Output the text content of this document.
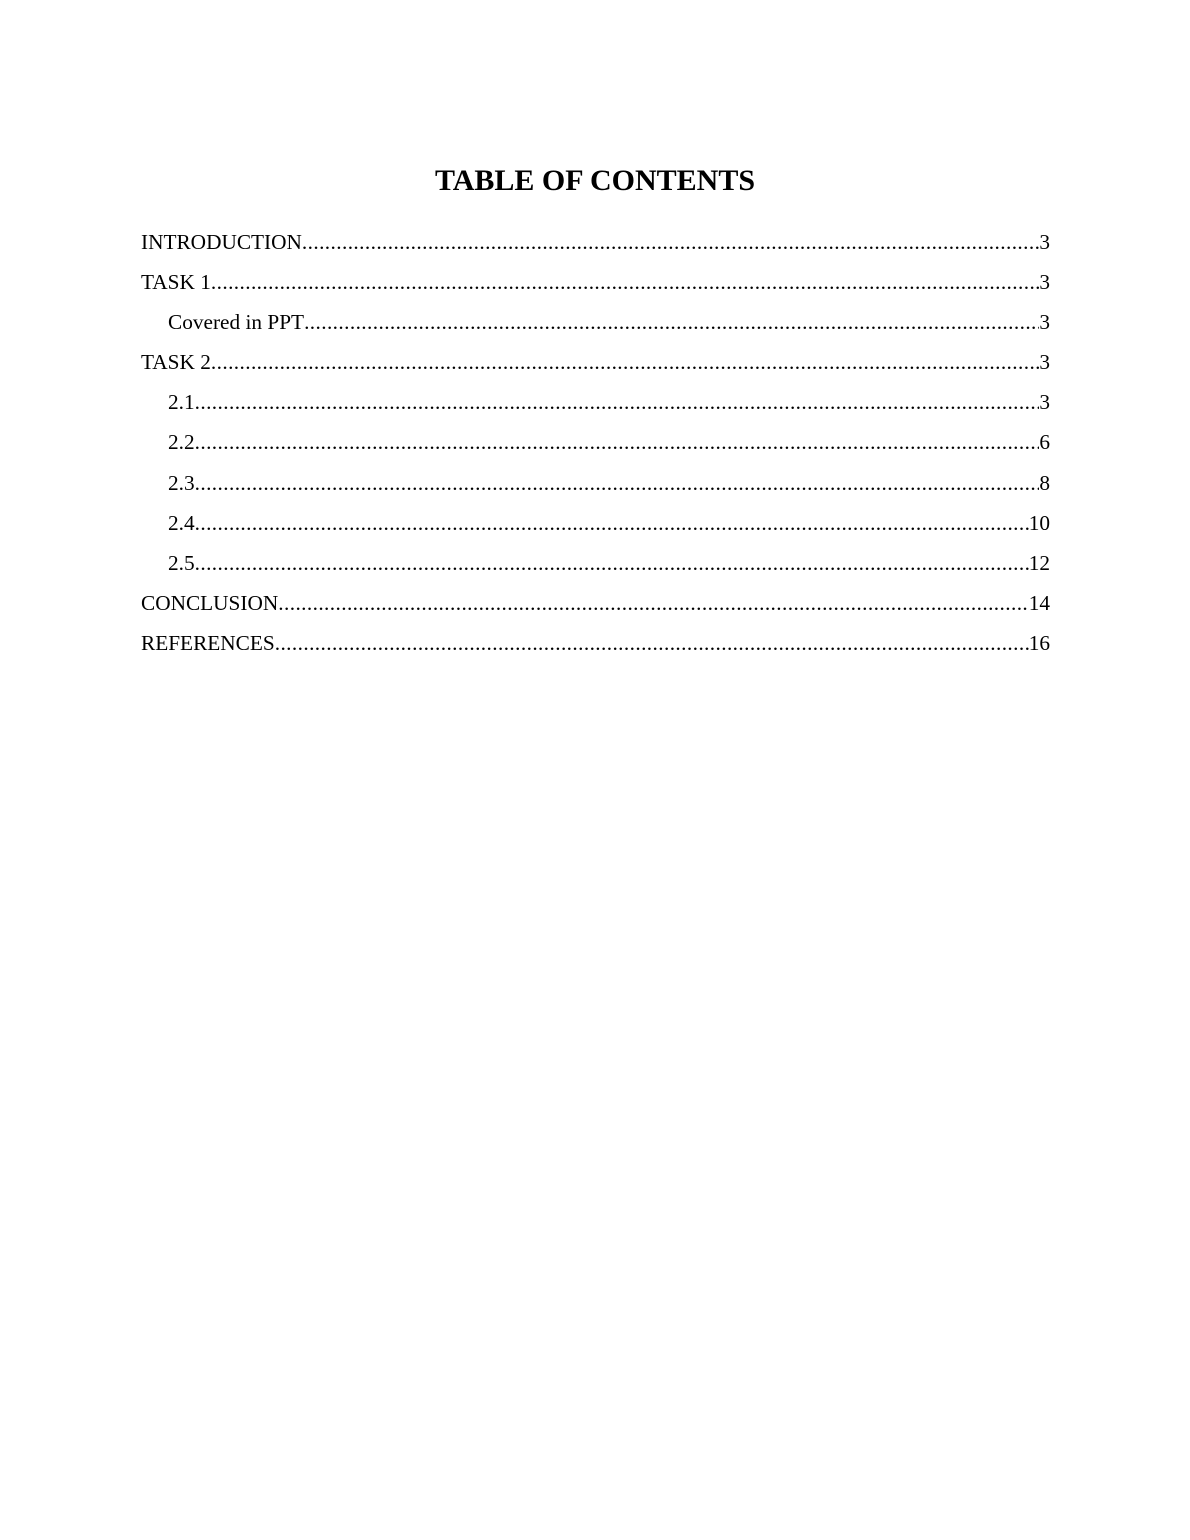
TABLE OF CONTENTS
INTRODUCTION .....	3
TASK 1 .....	3
Covered in PPT .....	3
TASK 2 .....	3
2.1 .....	3
2.2 .....	6
2.3 .....	8
2.4 .....	10
2.5 .....	12
CONCLUSION .....	14
REFERENCES .....	16
